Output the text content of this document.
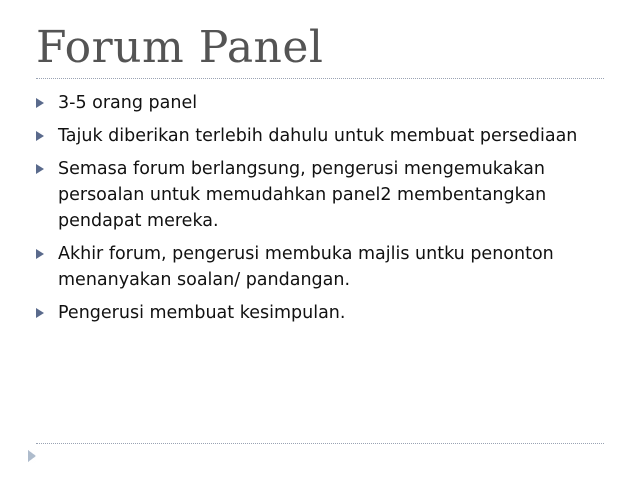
Forum Panel
3-5 orang panel
Tajuk diberikan terlebih dahulu untuk membuat persediaan
Semasa forum berlangsung, pengerusi mengemukakan persoalan untuk memudahkan panel2 membentangkan pendapat mereka.
Akhir forum, pengerusi membuka majlis untku penonton menanyakan soalan/ pandangan.
Pengerusi membuat kesimpulan.
